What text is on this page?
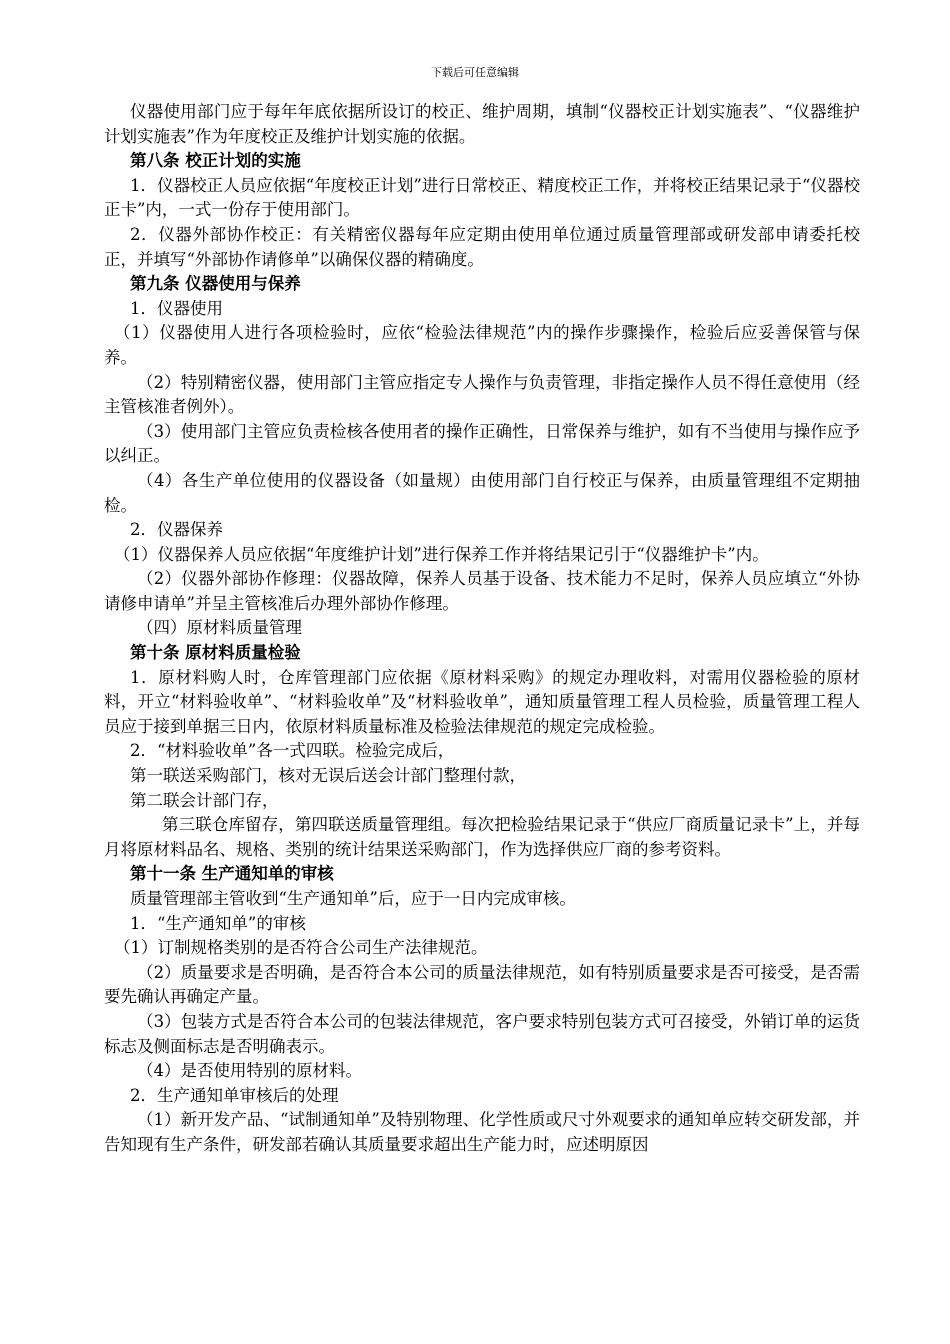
下载后可任意编辑

仪器使用部门应于每年年底依据所设订的校正、维护周期，填制“仪器校正计划实施表”、“仪器维护计划实施表”作为年度校正及维护计划实施的依据。

第八条 校正计划的实施

1．仪器校正人员应依据“年度校正计划”进行日常校正、精度校正工作，并将校正结果记录于“仪器校正卡”内，一式一份存于使用部门。

2．仪器外部协作校正：有关精密仪器每年应定期由使用单位通过质量管理部或研发部申请委托校正，并填写“外部协作请修单”以确保仪器的精确度。

第九条 仪器使用与保养

1．仪器使用

（1）仪器使用人进行各项检验时，应依“检验法律规范”内的操作步骤操作，检验后应妥善保管与保养。

（2）特别精密仪器，使用部门主管应指定专人操作与负责管理，非指定操作人员不得任意使用（经主管核准者例外）。

（3）使用部门主管应负责检核各使用者的操作正确性，日常保养与维护，如有不当使用与操作应予以纠正。

（4）各生产单位使用的仪器设备（如量规）由使用部门自行校正与保养，由质量管理组不定期抽检。

2．仪器保养

（1）仪器保养人员应依据“年度维护计划”进行保养工作并将结果记引于“仪器维护卡”内。

（2）仪器外部协作修理：仪器故障，保养人员基于设备、技术能力不足时，保养人员应填立“外协请修申请单”并呈主管核准后办理外部协作修理。

（四）原材料质量管理

第十条 原材料质量检验

1．原材料购人时，仓库管理部门应依据《原材料采购》的规定办理收料，对需用仪器检验的原材料，开立“材料验收单”、“材料验收单”及“材料验收单”，通知质量管理工程人员检验，质量管理工程人员应于接到单据三日内，依原材料质量标准及检验法律规范的规定完成检验。

2．“材料验收单”各一式四联。检验完成后，

第一联送采购部门，核对无误后送会计部门整理付款，

第二联会计部门存，

第三联仓库留存，第四联送质量管理组。每次把检验结果记录于“供应厂商质量记录卡”上，并每月将原材料品名、规格、类别的统计结果送采购部门，作为选择供应厂商的参考资料。

第十一条 生产通知单的审核

质量管理部主管收到“生产通知单”后，应于一日内完成审核。

1．“生产通知单”的审核

（1）订制规格类别的是否符合公司生产法律规范。

（2）质量要求是否明确，是否符合本公司的质量法律规范，如有特别质量要求是否可接受，是否需要先确认再确定产量。

（3）包装方式是否符合本公司的包装法律规范，客户要求特别包装方式可召接受，外销订单的运货标志及侧面标志是否明确表示。

（4）是否使用特别的原材料。

2．生产通知单审核后的处理

（1）新开发产品、“试制通知单”及特别物理、化学性质或尺寸外观要求的通知单应转交研发部，并告知现有生产条件，研发部若确认其质量要求超出生产能力时，应述明原因
